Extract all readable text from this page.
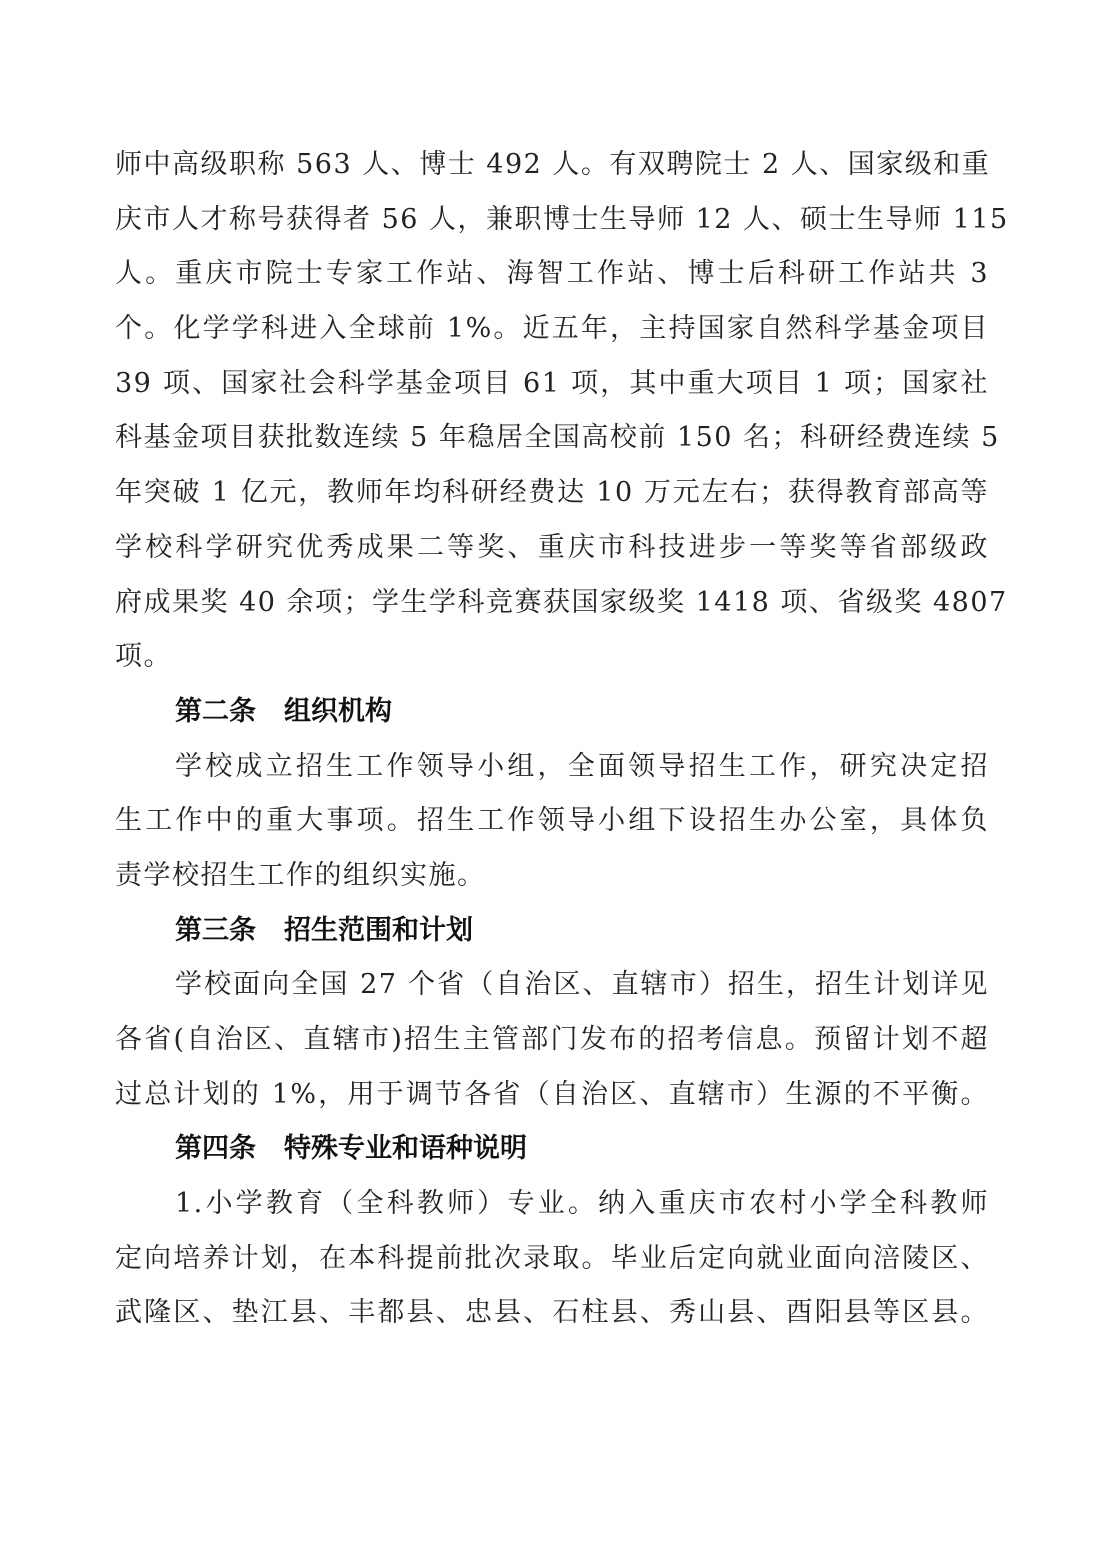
师中高级职称 563 人、博士 492 人。有双聘院士 2 人、国家级和重
庆市人才称号获得者 56 人，兼职博士生导师 12 人、硕士生导师 115
人。重庆市院士专家工作站、海智工作站、博士后科研工作站共 3
个。化学学科进入全球前 1%。近五年，主持国家自然科学基金项目
39 项、国家社会科学基金项目 61 项，其中重大项目 1 项；国家社
科基金项目获批数连续 5 年稳居全国高校前 150 名；科研经费连续 5
年突破 1 亿元，教师年均科研经费达 10 万元左右；获得教育部高等
学校科学研究优秀成果二等奖、重庆市科技进步一等奖等省部级政
府成果奖 40 余项；学生学科竞赛获国家级奖 1418 项、省级奖 4807
项。
第二条 组织机构
学校成立招生工作领导小组，全面领导招生工作，研究决定招
生工作中的重大事项。招生工作领导小组下设招生办公室，具体负
责学校招生工作的组织实施。
第三条 招生范围和计划
学校面向全国 27 个省（自治区、直辖市）招生，招生计划详见
各省(自治区、直辖市)招生主管部门发布的招考信息。预留计划不超
过总计划的 1%，用于调节各省（自治区、直辖市）生源的不平衡。
第四条 特殊专业和语种说明
1.小学教育（全科教师）专业。纳入重庆市农村小学全科教师
定向培养计划，在本科提前批次录取。毕业后定向就业面向涪陵区、
武隆区、垫江县、丰都县、忠县、石柱县、秀山县、酉阳县等区县。
